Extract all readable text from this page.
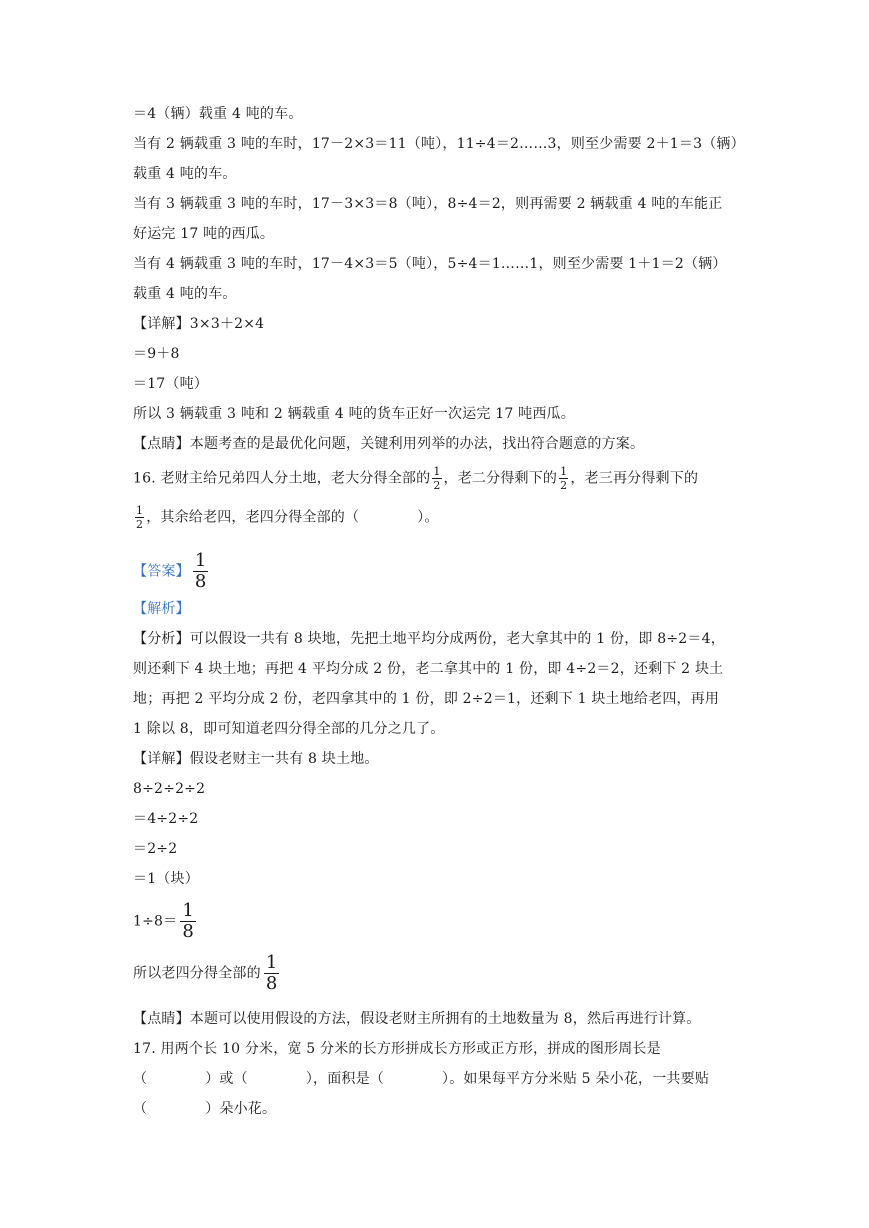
＝4（辆）载重 4 吨的车。
当有 2 辆载重 3 吨的车时，17－2×3＝11（吨），11÷4＝2……3，则至少需要 2＋1＝3（辆）
载重 4 吨的车。
当有 3 辆载重 3 吨的车时，17－3×3＝8（吨），8÷4＝2，则再需要 2 辆载重 4 吨的车能正
好运完 17 吨的西瓜。
当有 4 辆载重 3 吨的车时，17－4×3＝5（吨），5÷4＝1……1，则至少需要 1＋1＝2（辆）
载重 4 吨的车。
【详解】3×3＋2×4
＝9＋8
＝17（吨）
所以 3 辆载重 3 吨和 2 辆载重 4 吨的货车正好一次运完 17 吨西瓜。
【点睛】本题考查的是最优化问题，关键利用列举的办法，找出符合题意的方案。
16. 老财主给兄弟四人分土地，老大分得全部的 $\frac{1}{2}$ ，老二分得剩下的 $\frac{1}{2}$ ，老三再分得剩下的
$\frac{1}{2}$ ，其余给老四，老四分得全部的（	）。
【答案】 $\frac{1}{8}$
【解析】
【分析】可以假设一共有 8 块地，先把土地平均分成两份，老大拿其中的 1 份，即 8÷2＝4，
则还剩下 4 块土地；再把 4 平均分成 2 份，老二拿其中的 1 份，即 4÷2＝2，还剩下 2 块土
地；再把 2 平均分成 2 份，老四拿其中的 1 份，即 2÷2＝1，还剩下 1 块土地给老四，再用
1 除以 8，即可知道老四分得全部的几分之几了。
【详解】假设老财主一共有 8 块土地。
8÷2÷2÷2
＝4÷2÷2
＝2÷2
＝1（块）
$1\div 8= \frac{1}{8}$
所以老四分得全部的 $\frac{1}{8}$
【点睛】本题可以使用假设的方法，假设老财主所拥有的土地数量为 8，然后再进行计算。
17. 用两个长 10 分米，宽 5 分米的长方形拼成长方形或正方形，拼成的图形周长是
（	）或（	），面积是（	）。如果每平方分米贴 5 朵小花，一共要贴
（	）朵小花。
